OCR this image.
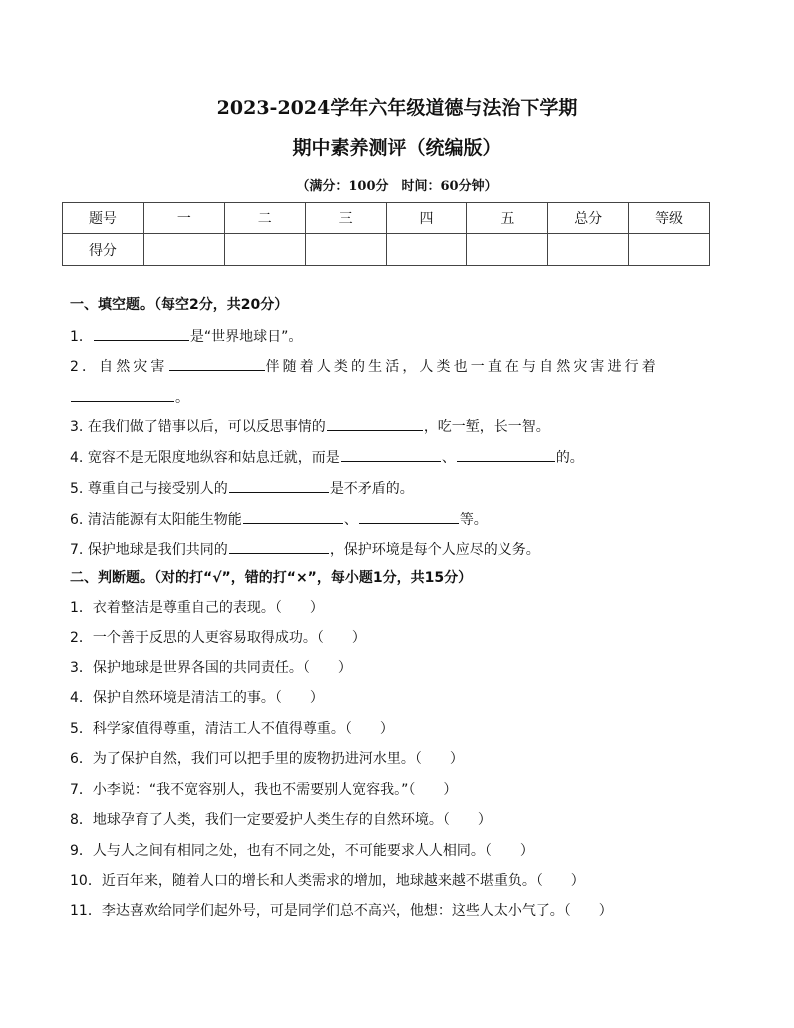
2023-2024学年六年级道德与法治下学期
期中素养测评（统编版）
（满分：100分　时间：60分钟）
题号	一	二	三	四	五	总分	等级
得分							
一、填空题。（每空2分，共20分）
1．	是“世界地球日”。
2．自然灾害	伴随着人类的生活，人类也一直在与自然灾害进行着
。
3. 在我们做了错事以后，可以反思事情的	，吃一堑，长一智。
4. 宽容不是无限度地纵容和姑息迁就，而是	、	的。
5. 尊重自己与接受别人的	是不矛盾的。
6. 清洁能源有太阳能生物能	、	等。
7. 保护地球是我们共同的	，保护环境是每个人应尽的义务。
二、判断题。（对的打“√”，错的打“×”，每小题1分，共15分）
1．衣着整洁是尊重自己的表现。（　　）
2．一个善于反思的人更容易取得成功。（　　）
3．保护地球是世界各国的共同责任。（　　）
4．保护自然环境是清洁工的事。（　　）
5．科学家值得尊重，清洁工人不值得尊重。（　　）
6．为了保护自然，我们可以把手里的废物扔进河水里。（　　）
7．小李说：“我不宽容别人，我也不需要别人宽容我。”（　　）
8．地球孕育了人类，我们一定要爱护人类生存的自然环境。（　　）
9．人与人之间有相同之处，也有不同之处，不可能要求人人相同。（　　）
10．近百年来，随着人口的增长和人类需求的增加，地球越来越不堪重负。（　　）
11．李达喜欢给同学们起外号，可是同学们总不高兴，他想：这些人太小气了。（　　）
